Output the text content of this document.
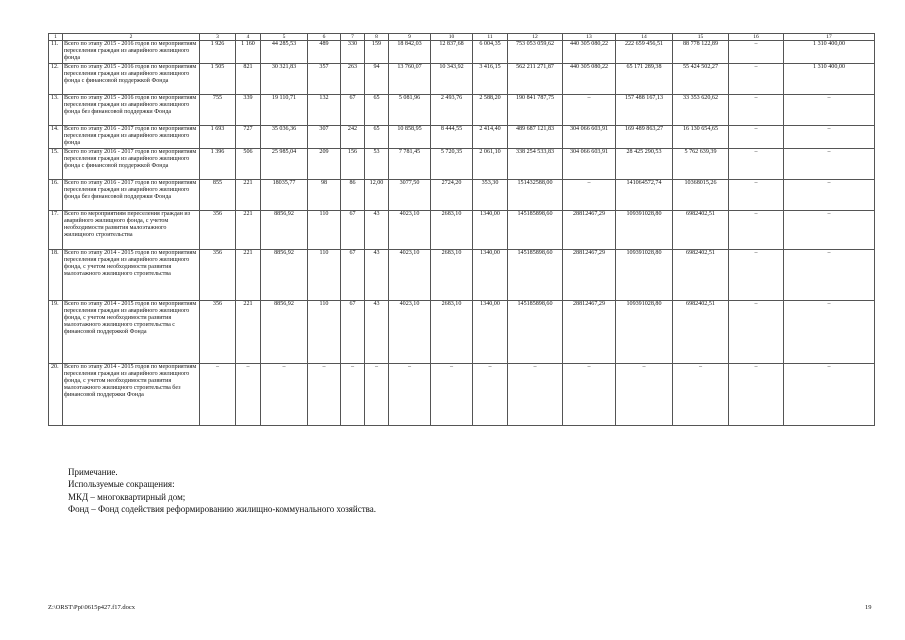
1	2	3	4	5	6	7	8	9	10	11	12	13	14	15	16	17
11.	Всего по этапу 2015 - 2016 годов по мероприятиям переселения граждан из аварийного жилищного фонда	1 926	1 160	44 285,53	489	330	159	18 842,03	12 837,68	6 004,35	753 053 059,62	440 305 080,22	222 659 456,51	88 778 122,89	–	1 310 400,00
12.	Всего по этапу 2015 - 2016 годов по мероприятиям переселения граждан из аварийного жилищного фонда с финансовой поддержкой Фонда	1 505	821	30 321,83	357	263	94	13 760,07	10 343,92	3 416,15	562 211 271,87	440 305 080,22	65 171 289,38	55 424 502,27	–	1 310 400,00
13.	Всего по этапу 2015 - 2016 годов по мероприятиям переселения граждан из аварийного жилищного фонда без финансовой поддержки Фонда	755	339	19 110,71	132	67	65	5 081,96	2 493,76	2 588,20	190 841 787,75	–	157 488 167,13	33 353 620,62	–	–
14.	Всего по этапу 2016 - 2017 годов по мероприятиям переселения граждан из аварийного жилищного фонда	1 693	727	35 036,36	307	242	65	10 858,95	8 444,55	2 414,40	489 687 121,83	304 066 603,91	169 489 863,27	16 130 654,65	–	–
15.	Всего по этапу 2016 - 2017 годов по мероприятиям переселения граждан из аварийного жилищного фонда с финансовой поддержкой Фонда	1 396	506	25 985,04	209	156	53	7 781,45	5 720,35	2 061,10	338 254 533,83	304 066 603,91	28 425 290,53	5 762 639,39	–	–
16.	Всего по этапу 2016 - 2017 годов по мероприятиям переселения граждан из аварийного жилищного фонда без финансовой поддержки Фонда	855	221	18035,77	98	86	12,00	3077,50	2724,20	353,30	151432588,00	–	141064572,74	10368015,26	–	–
17.	Всего по мероприятиям переселения граждан из аварийного жилищного фонда, с учетом необходимости развития малоэтажного жилищного строительства	356	221	8856,92	110	67	43	4023,10	2683,10	1340,00	145185898,60	28812467,29	109391028,80	6982402,51	–	–
18.	Всего по этапу 2014 - 2015 годов по мероприятиям переселения граждан из аварийного жилищного фонда, с учетом необходимости развития малоэтажного жилищного строительства	356	221	8856,92	110	67	43	4023,10	2683,10	1340,00	145185898,60	28812467,29	109391028,80	6982402,51	–	–
19.	Всего по этапу 2014 - 2015 годов по мероприятиям переселения граждан из аварийного жилищного фонда, с учетом необходимости развития малоэтажного жилищного строительства с финансовой поддержкой Фонда	356	221	8856,92	110	67	43	4023,10	2683,10	1340,00	145185898,60	28812467,29	109391028,80	6982402,51	–	–
20.	Всего по этапу 2014 - 2015 годов по мероприятиям переселения граждан из аварийного жилищного фонда, с учетом необходимости развития малоэтажного жилищного строительства без финансовой поддержки Фонда	–	–	–	–	–	–	–	–	–	–	–	–	–	–	–
Примечание.
Используемые сокращения:
МКД – многоквартирный дом;
Фонд – Фонд содействия реформированию жилищно-коммунального хозяйства.
Z:\ORST\Ppi\0615p427.f17.docx	19
